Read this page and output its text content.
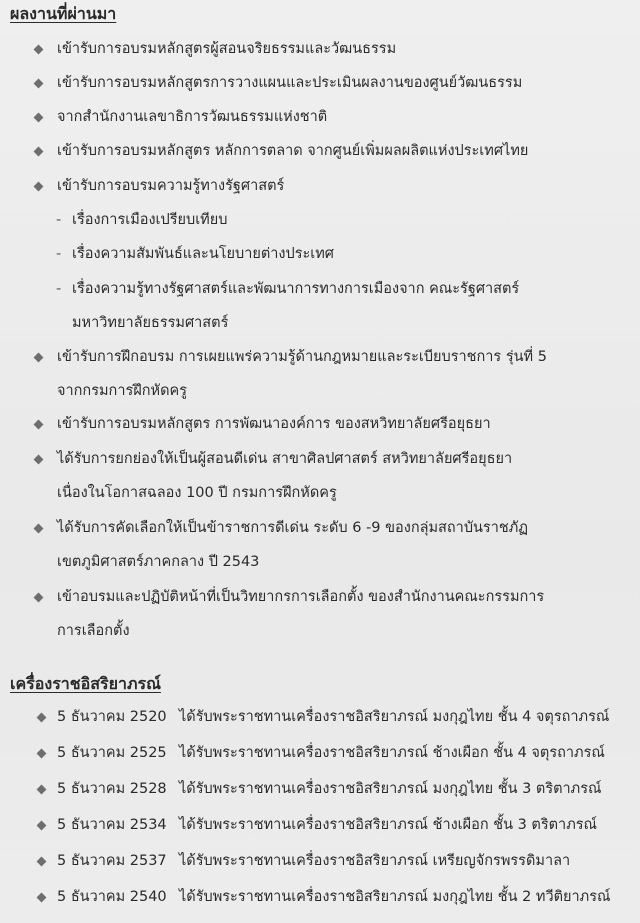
ผลงานที่ผ่านมา
เข้ารับการอบรมหลักสูตรผู้สอนจริยธรรมและวัฒนธรรม
เข้ารับการอบรมหลักสูตรการวางแผนและประเมินผลงานของศูนย์วัฒนธรรม
จากสำนักงานเลขาธิการวัฒนธรรมแห่งชาติ
เข้ารับการอบรมหลักสูตร หลักการตลาด จากศูนย์เพิ่มผลผลิตแห่งประเทศไทย
เข้ารับการอบรมความรู้ทางรัฐศาสตร์
- เรื่องการเมืองเปรียบเทียบ
- เรื่องความสัมพันธ์และนโยบายต่างประเทศ
- เรื่องความรู้ทางรัฐศาสตร์และพัฒนาการทางการเมืองจาก คณะรัฐศาสตร์
มหาวิทยาลัยธรรมศาสตร์
เข้ารับการฝึกอบรม การเผยแพร่ความรู้ด้านกฎหมายและระเบียบราชการ รุ่นที่ 5
จากกรมการฝึกหัดครู
เข้ารับการอบรมหลักสูตร การพัฒนาองค์การ ของสหวิทยาลัยศรีอยุธยา
ได้รับการยกย่องให้เป็นผู้สอนดีเด่น สาขาศิลปศาสตร์ สหวิทยาลัยศรีอยุธยา
เนื่องในโอกาสฉลอง 100 ปี กรมการฝึกหัดครู
ได้รับการคัดเลือกให้เป็นข้าราชการดีเด่น ระดับ 6 -9 ของกลุ่มสถาบันราชภัฏ
เขตภูมิศาสตร์ภาคกลาง ปี 2543
เข้าอบรมและปฏิบัติหน้าที่เป็นวิทยากรการเลือกตั้ง ของสำนักงานคณะกรรมการ
การเลือกตั้ง
เครื่องราชอิสริยาภรณ์
5 ธันวาคม 2520 ได้รับพระราชทานเครื่องราชอิสริยาภรณ์ มงกุฎไทย ชั้น 4 จตุรถาภรณ์
5 ธันวาคม 2525 ได้รับพระราชทานเครื่องราชอิสริยาภรณ์ ช้างเผือก ชั้น 4 จตุรถาภรณ์
5 ธันวาคม 2528 ได้รับพระราชทานเครื่องราชอิสริยาภรณ์ มงกุฎไทย ชั้น 3 ตริตาภรณ์
5 ธันวาคม 2534 ได้รับพระราชทานเครื่องราชอิสริยาภรณ์ ช้างเผือก ชั้น 3 ตริตาภรณ์
5 ธันวาคม 2537 ได้รับพระราชทานเครื่องราชอิสริยาภรณ์ เหรียญจักรพรรดิมาลา
5 ธันวาคม 2540 ได้รับพระราชทานเครื่องราชอิสริยาภรณ์ มงกุฎไทย ชั้น 2 ทวีติยาภรณ์
